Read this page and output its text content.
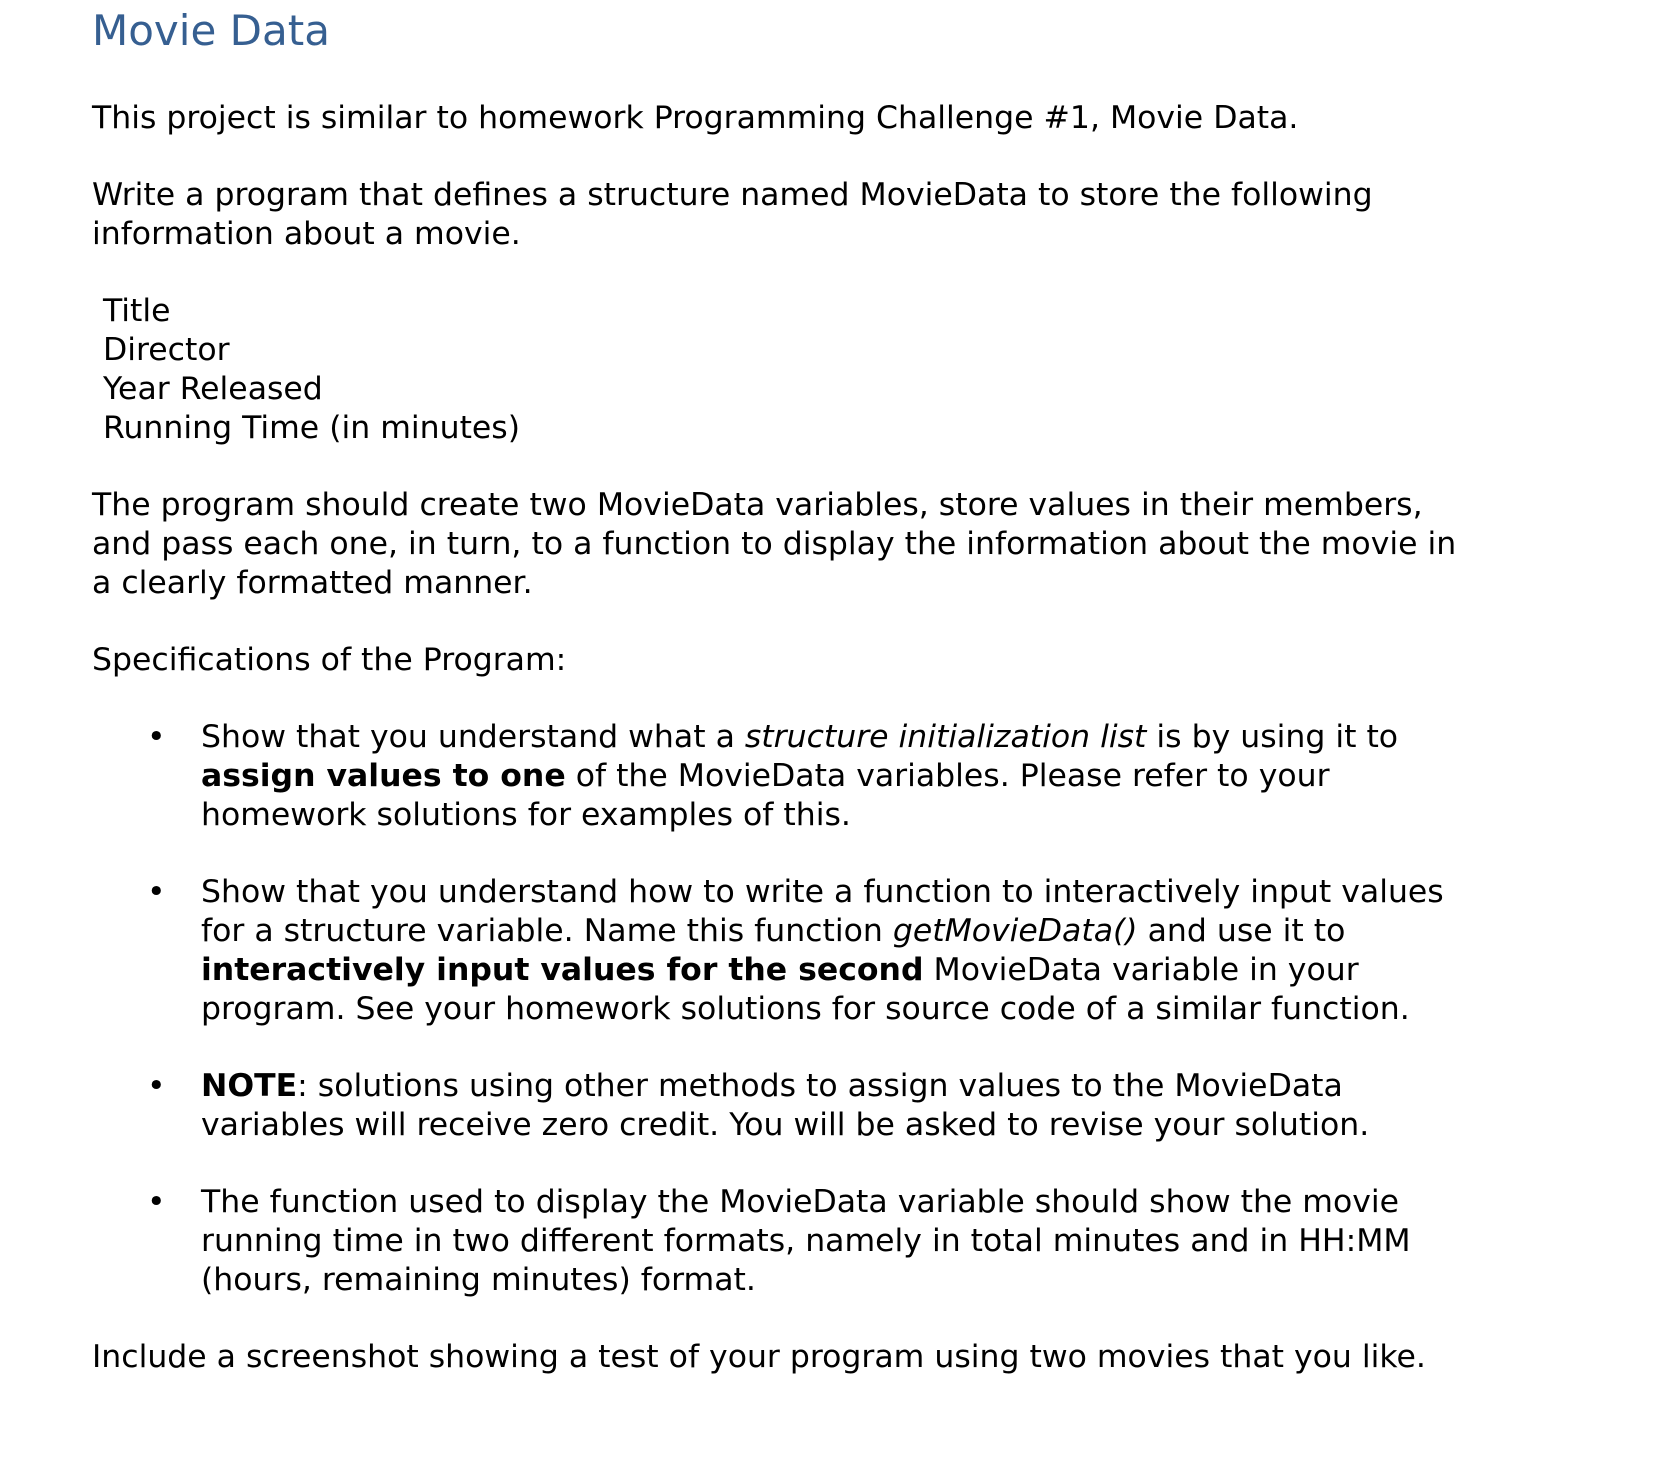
Movie Data

This project is similar to homework Programming Challenge #1, Movie Data.

Write a program that defines a structure named MovieData to store the following
information about a movie.

Title
Director
Year Released
Running Time (in minutes)

The program should create two MovieData variables, store values in their members,
and pass each one, in turn, to a function to display the information about the movie in
a clearly formatted manner.

Specifications of the Program:

• Show that you understand what a structure initialization list is by using it to
assign values to one of the MovieData variables. Please refer to your
homework solutions for examples of this.
• Show that you understand how to write a function to interactively input values
for a structure variable. Name this function getMovieData() and use it to
interactively input values for the second MovieData variable in your
program. See your homework solutions for source code of a similar function.
• NOTE: solutions using other methods to assign values to the MovieData
variables will receive zero credit. You will be asked to revise your solution.
• The function used to display the MovieData variable should show the movie
running time in two different formats, namely in total minutes and in HH:MM
(hours, remaining minutes) format.

Include a screenshot showing a test of your program using two movies that you like.
